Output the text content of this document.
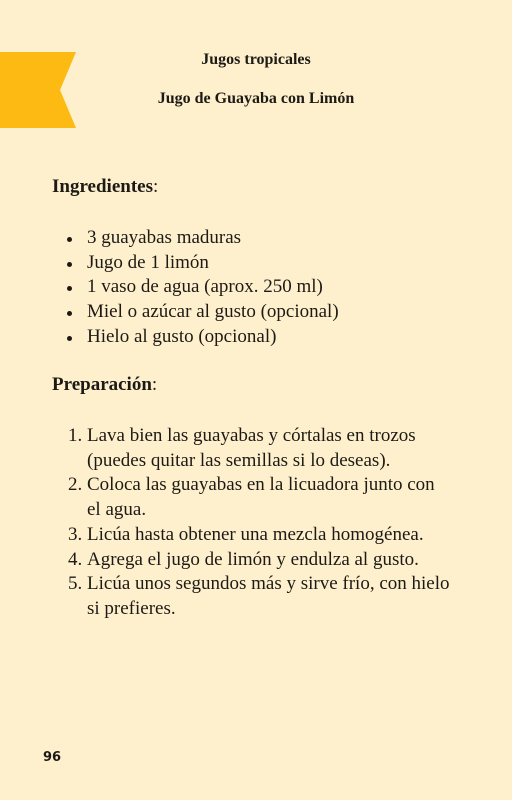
Jugos tropicales

Jugo de Guayaba con Limón
Ingredientes:
3 guayabas maduras
Jugo de 1 limón
1 vaso de agua (aprox. 250 ml)
Miel o azúcar al gusto (opcional)
Hielo al gusto (opcional)
Preparación:
1. Lava bien las guayabas y córtalas en trozos (puedes quitar las semillas si lo deseas).
2. Coloca las guayabas en la licuadora junto con el agua.
3. Licúa hasta obtener una mezcla homogénea.
4. Agrega el jugo de limón y endulza al gusto.
5. Licúa unos segundos más y sirve frío, con hielo si prefieres.
96
